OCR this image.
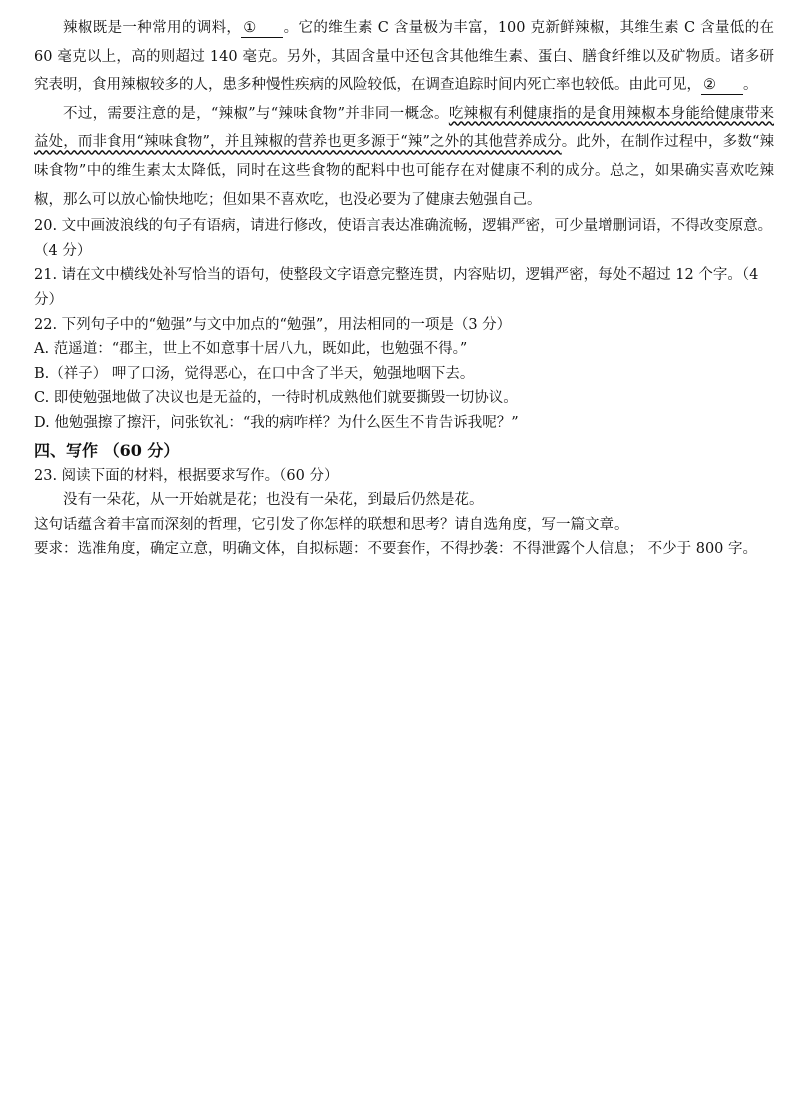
辣椒既是一种常用的调料， ① 。它的维生素 C 含量极为丰富，100 克新鲜辣椒，其维生素 C 含量低的在 60 毫克以上，高的则超过 140 毫克。另外，其固含量中还包含其他维生素、蛋白、膳食纤维以及矿物质。诸多研究表明，食用辣椒较多的人，患多种慢性疾病的风险较低，在调查追踪时间内死亡率也较低。由此可见， ② 。

不过，需要注意的是，“辣椒”与“辣味食物”并非同一概念。吃辣椒有利健康指的是食用辣椒本身能给健康带来益处，而非食用“辣味食物”，并且辣椒的营养也更多源于“辣”之外的其他营养成分。此外，在制作过程中，多数“辣味食物”中的维生素太太降低，同时在这些食物的配料中也可能存在对健康不利的成分。总之，如果确实喜欢吃辣椒，那么可以放心愉快地吃；但如果不喜欢吃，也没必要为了健康去勉强自己。

20. 文中画波浪线的句子有语病，请进行修改，使语言表达准确流畅，逻辑严密，可少量增删词语，不得改变原意。（4 分）

21. 请在文中横线处补写恰当的语句，使整段文字语意完整连贯，内容贴切，逻辑严密，每处不超过 12 个字。（4 分）

22. 下列句子中的“勉强”与文中加点的“勉强”，用法相同的一项是（3 分）

A. 范遥道：“郡主，世上不如意事十居八九，既如此，也勉强不得。”

B.（祥子） 呷了口汤，觉得恶心，在口中含了半天，勉强地咽下去。

C. 即使勉强地做了决议也是无益的，一待时机成熟他们就要撕毁一切协议。

D. 他勉强擦了擦汗，问张钦礼：“我的病咋样？为什么医生不肯告诉我呢？”

四、写作 （60 分）

23. 阅读下面的材料，根据要求写作。（60 分）

没有一朵花，从一开始就是花；也没有一朵花，到最后仍然是花。

这句话蕴含着丰富而深刻的哲理，它引发了你怎样的联想和思考？请自选角度，写一篇文章。

要求：选准角度，确定立意，明确文体，自拟标题：不要套作，不得抄袭：不得泄露个人信息； 不少于 800 字。
